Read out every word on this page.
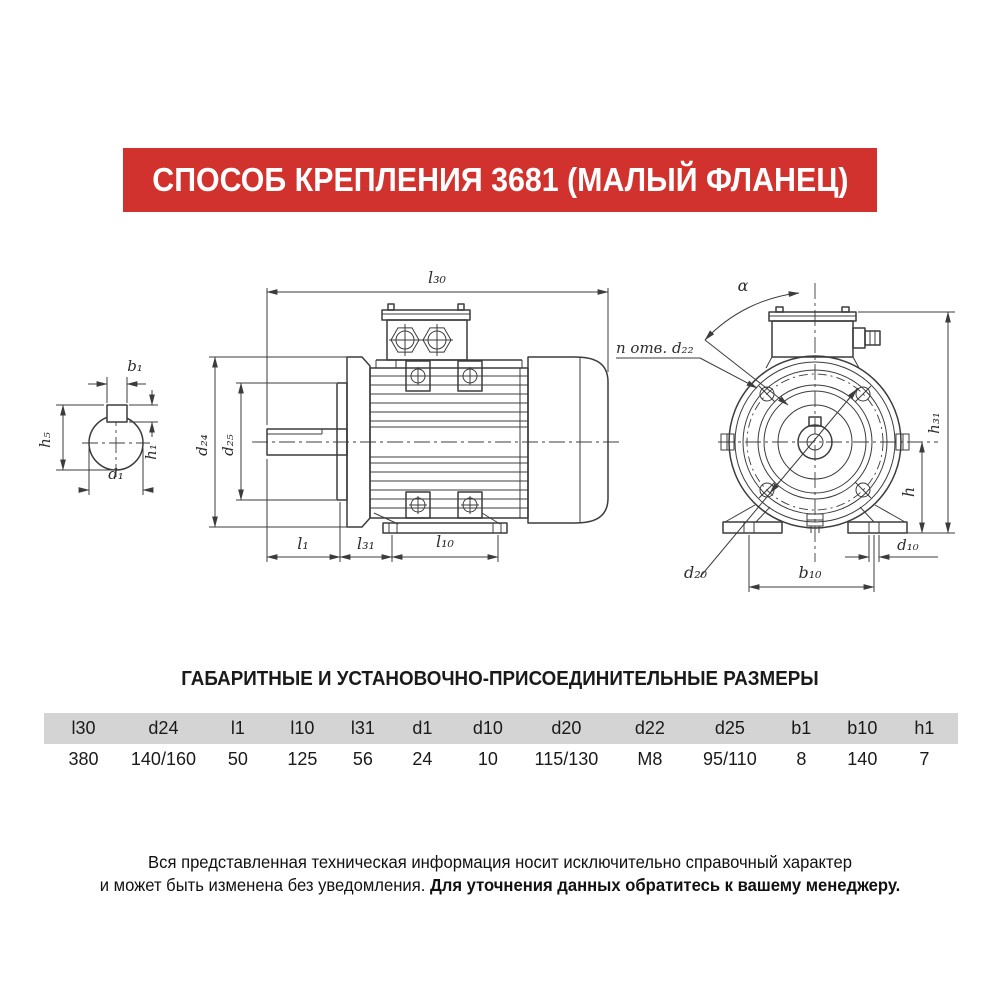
СПОСОБ КРЕПЛЕНИЯ 3681 (МАЛЫЙ ФЛАНЕЦ)
b₁
h₅
h₁
d₁
l₃₀
d₂₄ d₂₅
l₁	l₃₁	l₁₀
α
n отв. d₂₂
d₂₀
h
h₃₁
b₁₀
d₁₀
ГАБАРИТНЫЕ И УСТАНОВОЧНО-ПРИСОЕДИНИТЕЛЬНЫЕ РАЗМЕРЫ
l30	d24	l1	l10	l31	d1	d10	d20	d22	d25	b1	b10	h1
380	140/160	50	125	56	24	10	115/130	M8	95/110	8	140	7
Вся представленная техническая информация носит исключительно справочный характер
и может быть изменена без уведомления. Для уточнения данных обратитесь к вашему менеджеру.
